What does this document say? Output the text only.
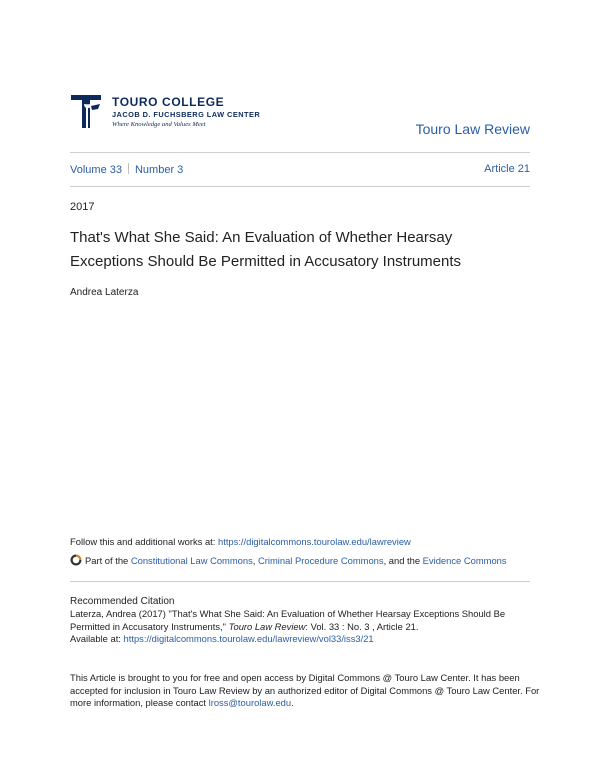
TOURO COLLEGE
JACOB D. FUCHSBERG LAW CENTER
Where Knowledge and Values Meet	Touro Law Review
Volume 33 Number 3	Article 21
2017
That's What She Said: An Evaluation of Whether Hearsay
Exceptions Should Be Permitted in Accusatory Instruments
Andrea Laterza
Follow this and additional works at: https://digitalcommons.tourolaw.edu/lawreview
Part of the Constitutional Law Commons, Criminal Procedure Commons, and the Evidence Commons
Recommended Citation
Laterza, Andrea (2017) "That's What She Said: An Evaluation of Whether Hearsay Exceptions Should Be Permitted in Accusatory Instruments," Touro Law Review: Vol. 33 : No. 3 , Article 21.
Available at: https://digitalcommons.tourolaw.edu/lawreview/vol33/iss3/21
This Article is brought to you for free and open access by Digital Commons @ Touro Law Center. It has been accepted for inclusion in Touro Law Review by an authorized editor of Digital Commons @ Touro Law Center. For more information, please contact lross@tourolaw.edu.
